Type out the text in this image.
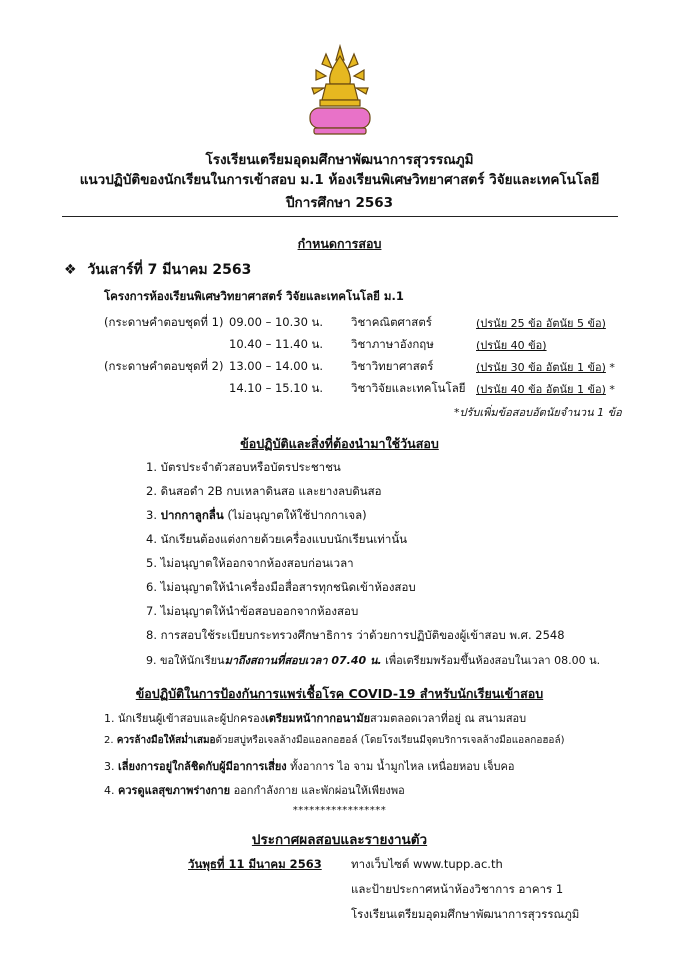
โรงเรียนเตรียมอุดมศึกษาพัฒนาการสุวรรณภูมิ
แนวปฏิบัติของนักเรียนในการเข้าสอบ ม.1 ห้องเรียนพิเศษวิทยาศาสตร์ วิจัยและเทคโนโลยี
ปีการศึกษา 2563
กำหนดการสอบ
❖ วันเสาร์ที่ 7 มีนาคม 2563
โครงการห้องเรียนพิเศษวิทยาศาสตร์ วิจัยและเทคโนโลยี ม.1
(กระดาษคำตอบชุดที่ 1) 09.00 – 10.30 น. วิชาคณิตศาสตร์	(ปรนัย 25 ข้อ อัตนัย 5 ข้อ)
10.40 – 11.40 น. วิชาภาษาอังกฤษ	(ปรนัย 40 ข้อ)
(กระดาษคำตอบชุดที่ 2) 13.00 – 14.00 น. วิชาวิทยาศาสตร์	(ปรนัย 30 ข้อ อัตนัย 1 ข้อ) *
14.10 – 15.10 น. วิชาวิจัยและเทคโนโลยี (ปรนัย 40 ข้อ อัตนัย 1 ข้อ) *
*ปรับเพิ่มข้อสอบอัตนัยจำนวน 1 ข้อ
ข้อปฏิบัติและสิ่งที่ต้องนำมาใช้วันสอบ
1. บัตรประจำตัวสอบหรือบัตรประชาชน
2. ดินสอดำ 2B กบเหลาดินสอ และยางลบดินสอ
3. ปากกาลูกลื่น (ไม่อนุญาตให้ใช้ปากกาเจล)
4. นักเรียนต้องแต่งกายด้วยเครื่องแบบนักเรียนเท่านั้น
5. ไม่อนุญาตให้ออกจากห้องสอบก่อนเวลา
6. ไม่อนุญาตให้นำเครื่องมือสื่อสารทุกชนิดเข้าห้องสอบ
7. ไม่อนุญาตให้นำข้อสอบออกจากห้องสอบ
8. การสอบใช้ระเบียบกระทรวงศึกษาธิการ ว่าด้วยการปฏิบัติของผู้เข้าสอบ พ.ศ. 2548
9. ขอให้นักเรียนมาถึงสถานที่สอบเวลา 07.40 น. เพื่อเตรียมพร้อมขึ้นห้องสอบในเวลา 08.00 น.
ข้อปฏิบัติในการป้องกันการแพร่เชื้อโรค COVID-19 สำหรับนักเรียนเข้าสอบ
1. นักเรียนผู้เข้าสอบและผู้ปกครองเตรียมหน้ากากอนามัยสวมตลอดเวลาที่อยู่ ณ สนามสอบ
2. ควรล้างมือให้สม่ำเสมอด้วยสบู่หรือเจลล้างมือแอลกอฮอล์ (โดยโรงเรียนมีจุดบริการเจลล้างมือแอลกอฮอล์)
3. เลี่ยงการอยู่ใกล้ชิดกับผู้มีอาการเสี่ยง ทั้งอาการ ไอ จาม น้ำมูกไหล เหนื่อยหอบ เจ็บคอ
4. ควรดูแลสุขภาพร่างกาย ออกกำลังกาย และพักผ่อนให้เพียงพอ
*****************
ประกาศผลสอบและรายงานตัว
วันพุธที่ 11 มีนาคม 2563	ทางเว็บไซต์ www.tupp.ac.th
และป้ายประกาศหน้าห้องวิชาการ อาคาร 1
โรงเรียนเตรียมอุดมศึกษาพัฒนาการสุวรรณภูมิ
